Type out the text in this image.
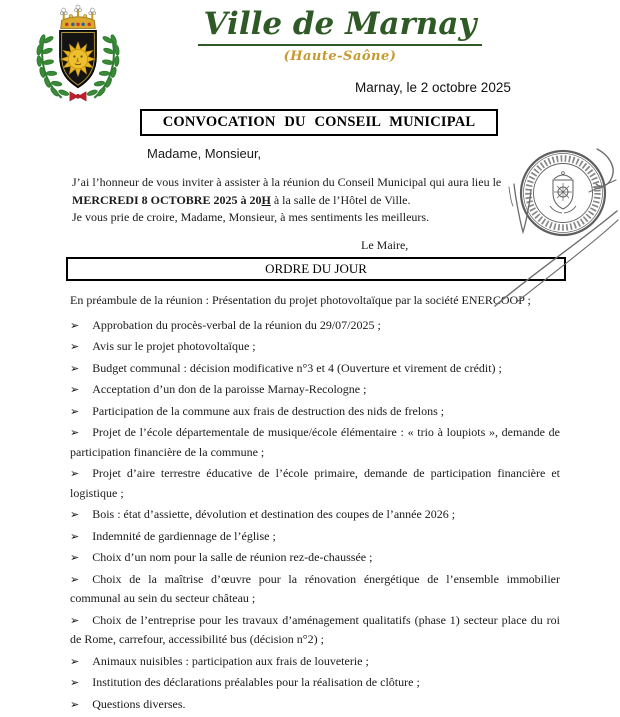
Ville de Marnay
(Haute-Saône)
Marnay, le 2 octobre 2025
CONVOCATION DU CONSEIL MUNICIPAL
Madame, Monsieur,
J’ai l’honneur de vous inviter à assister à la réunion du Conseil Municipal qui aura lieu le
MERCREDI 8 OCTOBRE 2025 à 20H à la salle de l’Hôtel de Ville.
Je vous prie de croire, Madame, Monsieur, à mes sentiments les meilleurs.
Le Maire,
ORDRE DU JOUR

En préambule de la réunion : Présentation du projet photovoltaïque par la société ENERCOOP ;

➢ Approbation du procès-verbal de la réunion du 29/07/2025 ;

➢ Avis sur le projet photovoltaïque ;

➢ Budget communal : décision modificative n°3 et 4 (Ouverture et virement de crédit) ;

➢ Acceptation d’un don de la paroisse Marnay-Recologne ;

➢ Participation de la commune aux frais de destruction des nids de frelons ;

➢ Projet de l’école départementale de musique/école élémentaire : « trio à loupiots », demande de participation financière de la commune ;

➢ Projet d’aire terrestre éducative de l’école primaire, demande de participation financière et logistique ;

➢ Bois : état d’assiette, dévolution et destination des coupes de l’année 2026 ;

➢ Indemnité de gardiennage de l’église ;

➢ Choix d’un nom pour la salle de réunion rez-de-chaussée ;

➢ Choix de la maîtrise d’œuvre pour la rénovation énergétique de l’ensemble immobilier communal au sein du secteur château ;

➢ Choix de l’entreprise pour les travaux d’aménagement qualitatifs (phase 1) secteur place du roi de Rome, carrefour, accessibilité bus (décision n°2) ;

➢ Animaux nuisibles : participation aux frais de louveterie ;

➢ Institution des déclarations préalables pour la réalisation de clôture ;

➢ Questions diverses.
